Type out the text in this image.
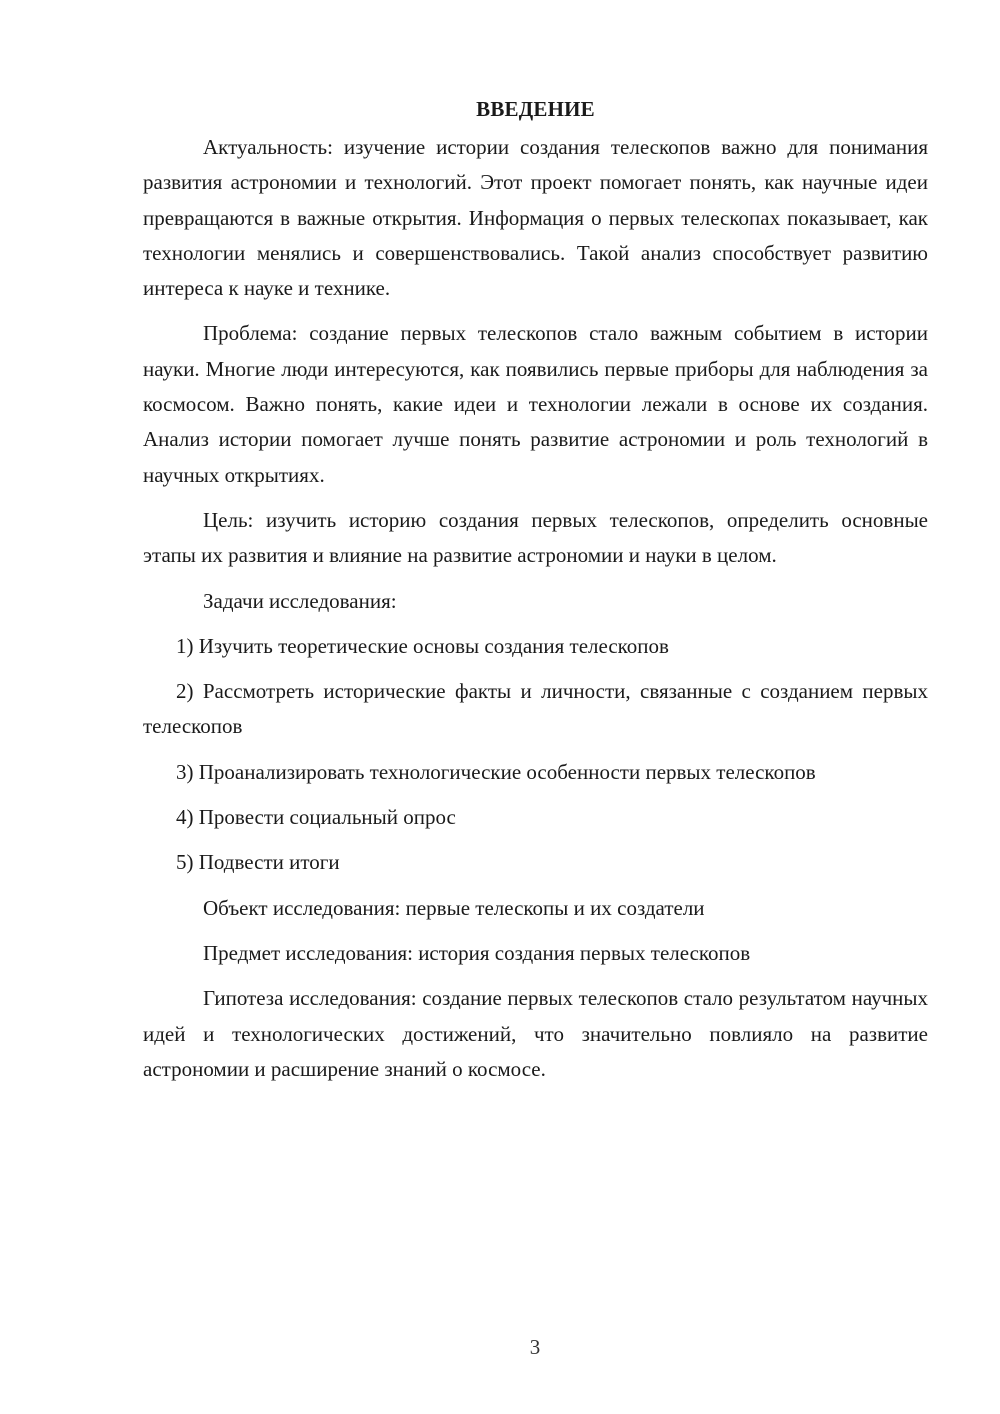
ВВЕДЕНИЕ

Актуальность: изучение истории создания телескопов важно для понимания развития астрономии и технологий. Этот проект помогает понять, как научные идеи превращаются в важные открытия. Информация о первых телескопах показывает, как технологии менялись и совершенствовались. Такой анализ способствует развитию интереса к науке и технике.

Проблема: создание первых телескопов стало важным событием в истории науки. Многие люди интересуются, как появились первые приборы для наблюдения за космосом. Важно понять, какие идеи и технологии лежали в основе их создания. Анализ истории помогает лучше понять развитие астрономии и роль технологий в научных открытиях.

Цель: изучить историю создания первых телескопов, определить основные этапы их развития и влияние на развитие астрономии и науки в целом.

Задачи исследования:

1) Изучить теоретические основы создания телескопов

2) Рассмотреть исторические факты и личности, связанные с созданием первых телескопов

3) Проанализировать технологические особенности первых телескопов

4) Провести социальный опрос

5) Подвести итоги

Объект исследования: первые телескопы и их создатели

Предмет исследования: история создания первых телескопов

Гипотеза исследования: создание первых телескопов стало результатом научных идей и технологических достижений, что значительно повлияло на развитие астрономии и расширение знаний о космосе.

3
